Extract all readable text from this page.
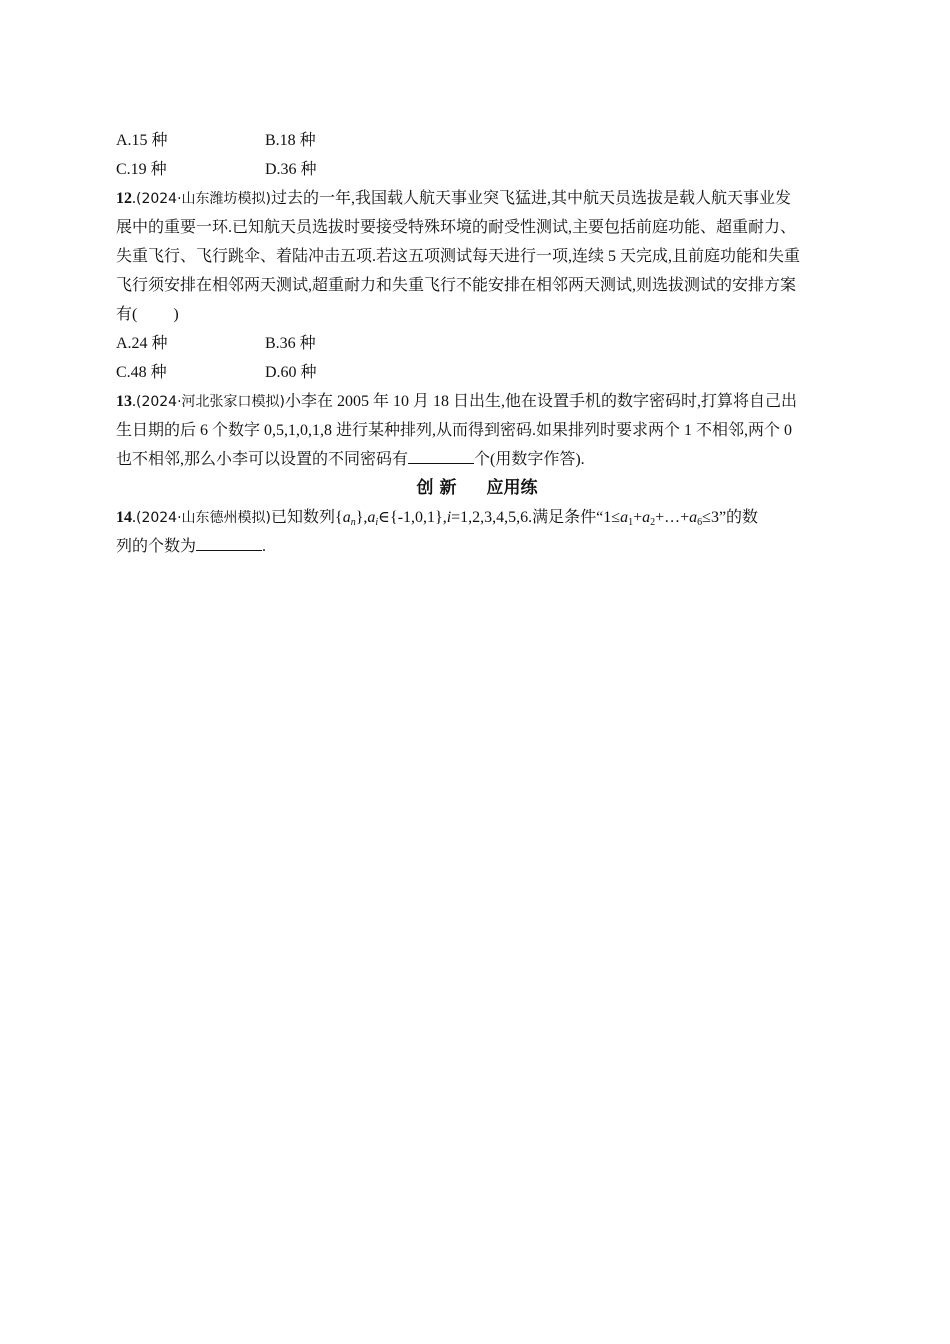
A.15 种	B.18 种
C.19 种	D.36 种
12.(2024·山东潍坊模拟)过去的一年,我国载人航天事业突飞猛进,其中航天员选拔是载人航天事业发
展中的重要一环.已知航天员选拔时要接受特殊环境的耐受性测试,主要包括前庭功能、超重耐力、
失重飞行、飞行跳伞、着陆冲击五项.若这五项测试每天进行一项,连续 5 天完成,且前庭功能和失重
飞行须安排在相邻两天测试,超重耐力和失重飞行不能安排在相邻两天测试,则选拔测试的安排方案
有( )
A.24 种	B.36 种
C.48 种	D.60 种
13.(2024·河北张家口模拟)小李在 2005 年 10 月 18 日出生,他在设置手机的数字密码时,打算将自己出
生日期的后 6 个数字 0,5,1,0,1,8 进行某种排列,从而得到密码.如果排列时要求两个 1 不相邻,两个 0
也不相邻,那么小李可以设置的不同密码有	个(用数字作答).
创 新 应用练
14.(2024·山东德州模拟)已知数列$\{a_n\},a_i\in\{-1,0,1\},i=1,2,3,4,5,6$.满足条件“$1\le a_1+a_2+\dots+a_6\le 3$”的数
列的个数为	.
